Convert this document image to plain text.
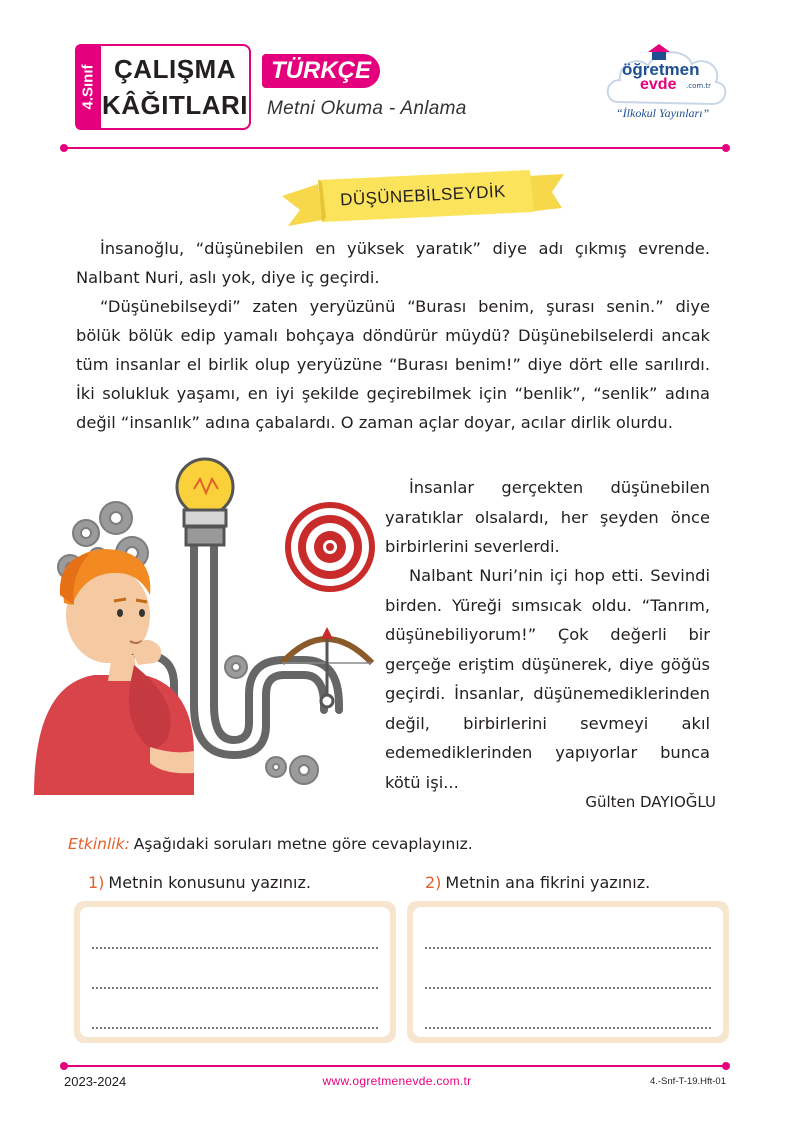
4.Sınıf ÇALIŞMA
KÂĞITLARI
TÜRKÇE
Metni Okuma - Anlama
öğretmen
evde .com.tr
“İlkokul Yayınları”
DÜŞÜNEBİLSEYDİK

İnsanoğlu, “düşünebilen en yüksek yaratık” diye adı çıkmış evrende. Nalbant Nuri, aslı yok, diye iç geçirdi.

“Düşünebilseydi” zaten yeryüzünü “Burası benim, şurası senin.” diye bölük bölük edip yamalı bohçaya döndürür müydü? Düşünebilselerdi ancak tüm insanlar el birlik olup yeryüzüne “Burası benim!” diye dört elle sarılırdı. İki solukluk yaşamı, en iyi şekilde geçirebilmek için “benlik”, “senlik” adına değil “insanlık” adına çabalardı. O zaman açlar doyar, acılar dirlik olurdu.

İnsanlar gerçekten düşünebilen yaratıklar olsalardı, her şeyden önce birbirlerini severlerdi.

Nalbant Nuri’nin içi hop etti. Sevindi birden. Yüreği sımsıcak oldu. “Tanrım, düşünebiliyorum!” Çok değerli bir gerçeğe eriştim düşünerek, diye göğüs geçirdi. İnsanlar, düşünemediklerinden değil, birbirlerini sevmeyi akıl edemediklerinden yapıyorlar bunca kötü işi...

Gülten DAYIOĞLU
Etkinlik: Aşağıdaki soruları metne göre cevaplayınız.
1) Metnin konusunu yazınız.	2) Metnin ana fikrini yazınız.
2023-2024	www.ogretmenevde.com.tr	4.-Snf-T-19.Hft-01
